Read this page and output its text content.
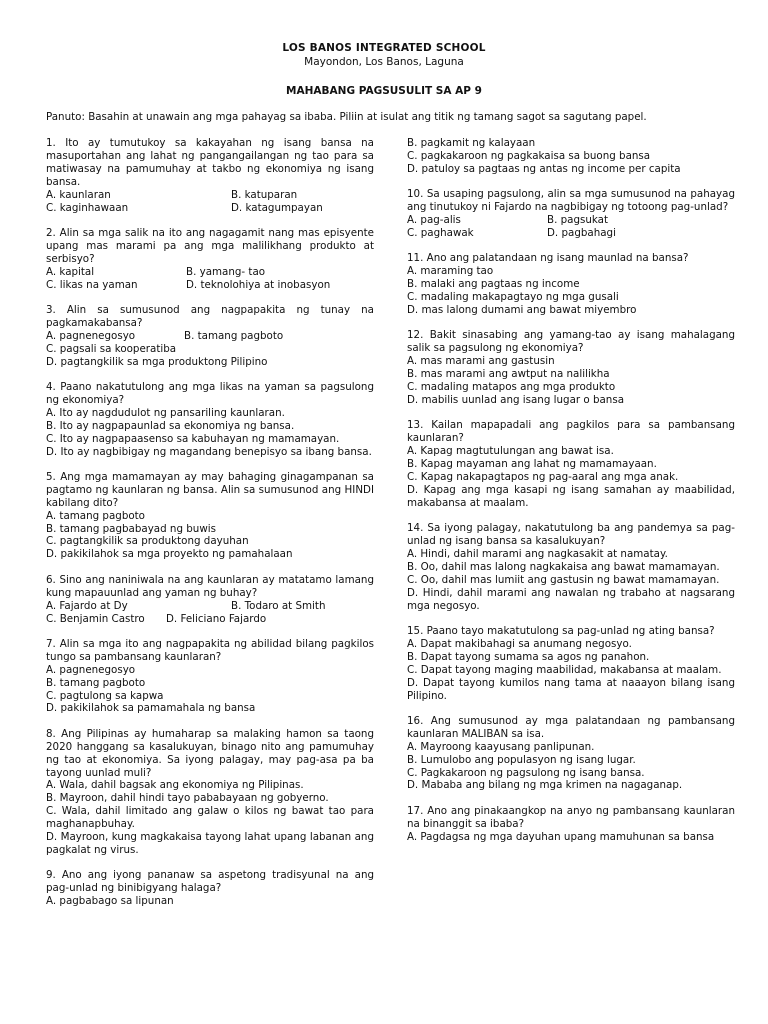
LOS BANOS INTEGRATED SCHOOL
Mayondon, Los Banos, Laguna
MAHABANG PAGSUSULIT SA AP 9
Panuto: Basahin at unawain ang mga pahayag sa ibaba. Piliin at isulat ang titik ng tamang sagot sa sagutang papel.
1. Ito ay tumutukoy sa kakayahan ng isang bansa na masuportahan ang lahat ng pangangailangan ng tao para sa matiwasay na pamumuhay at takbo ng ekonomiya ng isang bansa.
A. kaunlaran	B. katuparan
C. kaginhawaan	D. katagumpayan
2. Alin sa mga salik na ito ang nagagamit nang mas episyente upang mas marami pa ang mga malilikhang produkto at serbisyo?
A. kapital	B. yamang- tao
C. likas na yaman	D. teknolohiya at inobasyon
3. Alin sa sumusunod ang nagpapakita ng tunay na pagkamakabansa?
A. pagnenegosyo	B. tamang pagboto
C. pagsali sa kooperatiba
D. pagtangkilik sa mga produktong Pilipino
4. Paano nakatutulong ang mga likas na yaman sa pagsulong ng ekonomiya?
A. Ito ay nagdudulot ng pansariling kaunlaran.
B. Ito ay nagpapaunlad sa ekonomiya ng bansa.
C. Ito ay nagpapaasenso sa kabuhayan ng mamamayan.
D. Ito ay nagbibigay ng magandang benepisyo sa ibang bansa.
5. Ang mga mamamayan ay may bahaging ginagampanan sa pagtamo ng kaunlaran ng bansa. Alin sa sumusunod ang HINDI kabilang dito?
A. tamang pagboto
B. tamang pagbabayad ng buwis
C. pagtangkilik sa produktong dayuhan
D. pakikilahok sa mga proyekto ng pamahalaan
6. Sino ang naniniwala na ang kaunlaran ay matatamo lamang kung mapauunlad ang yaman ng buhay?
A. Fajardo at Dy	B. Todaro at Smith
C. Benjamin Castro	D. Feliciano Fajardo
7. Alin sa mga ito ang nagpapakita ng abilidad bilang pagkilos tungo sa pambansang kaunlaran?
A. pagnenegosyo
B. tamang pagboto
C. pagtulong sa kapwa
D. pakikilahok sa pamamahala ng bansa
8. Ang Pilipinas ay humaharap sa malaking hamon sa taong 2020 hanggang sa kasalukuyan, binago nito ang pamumuhay ng tao at ekonomiya. Sa iyong palagay, may pag-asa pa ba tayong uunlad muli?
A. Wala, dahil bagsak ang ekonomiya ng Pilipinas.
B. Mayroon, dahil hindi tayo pababayaan ng gobyerno.
C. Wala, dahil limitado ang galaw o kilos ng bawat tao para maghanapbuhay.
D. Mayroon, kung magkakaisa tayong lahat upang labanan ang pagkalat ng virus.
9. Ano ang iyong pananaw sa aspetong tradisyunal na ang pag-unlad ng binibigyang halaga?
A. pagbabago sa lipunan
B. pagkamit ng kalayaan
C. pagkakaroon ng pagkakaisa sa buong bansa
D. patuloy sa pagtaas ng antas ng income per capita
10. Sa usaping pagsulong, alin sa mga sumusunod na pahayag ang tinutukoy ni Fajardo na nagbibigay ng totoong pag-unlad?
A. pag-alis	B. pagsukat
C. paghawak	D. pagbahagi
11. Ano ang palatandaan ng isang maunlad na bansa?
A. maraming tao
B. malaki ang pagtaas ng income
C. madaling makapagtayo ng mga gusali
D. mas lalong dumami ang bawat miyembro
12. Bakit sinasabing ang yamang-tao ay isang mahalagang salik sa pagsulong ng ekonomiya?
A. mas marami ang gastusin
B. mas marami ang awtput na nalilikha
C. madaling matapos ang mga produkto
D. mabilis uunlad ang isang lugar o bansa
13. Kailan mapapadali ang pagkilos para sa pambansang kaunlaran?
A. Kapag magtutulungan ang bawat isa.
B. Kapag mayaman ang lahat ng mamamayaan.
C. Kapag nakapagtapos ng pag-aaral ang mga anak.
D. Kapag ang mga kasapi ng isang samahan ay maabilidad, makabansa at maalam.
14. Sa iyong palagay, nakatutulong ba ang pandemya sa pag-unlad ng isang bansa sa kasalukuyan?
A. Hindi, dahil marami ang nagkasakit at namatay.
B. Oo, dahil mas lalong nagkakaisa ang bawat mamamayan.
C. Oo, dahil mas lumiit ang gastusin ng bawat mamamayan.
D. Hindi, dahil marami ang nawalan ng trabaho at nagsarang mga negosyo.
15. Paano tayo makatutulong sa pag-unlad ng ating bansa?
A. Dapat makibahagi sa anumang negosyo.
B. Dapat tayong sumama sa agos ng panahon.
C. Dapat tayong maging maabilidad, makabansa at maalam.
D. Dapat tayong kumilos nang tama at naaayon bilang isang Pilipino.
16. Ang sumusunod ay mga palatandaan ng pambansang kaunlaran MALIBAN sa isa.
A. Mayroong kaayusang panlipunan.
B. Lumulobo ang populasyon ng isang lugar.
C. Pagkakaroon ng pagsulong ng isang bansa.
D. Mababa ang bilang ng mga krimen na nagaganap.
17. Ano ang pinakaangkop na anyo ng pambansang kaunlaran na binanggit sa ibaba?
A. Pagdagsa ng mga dayuhan upang mamuhunan sa bansa
